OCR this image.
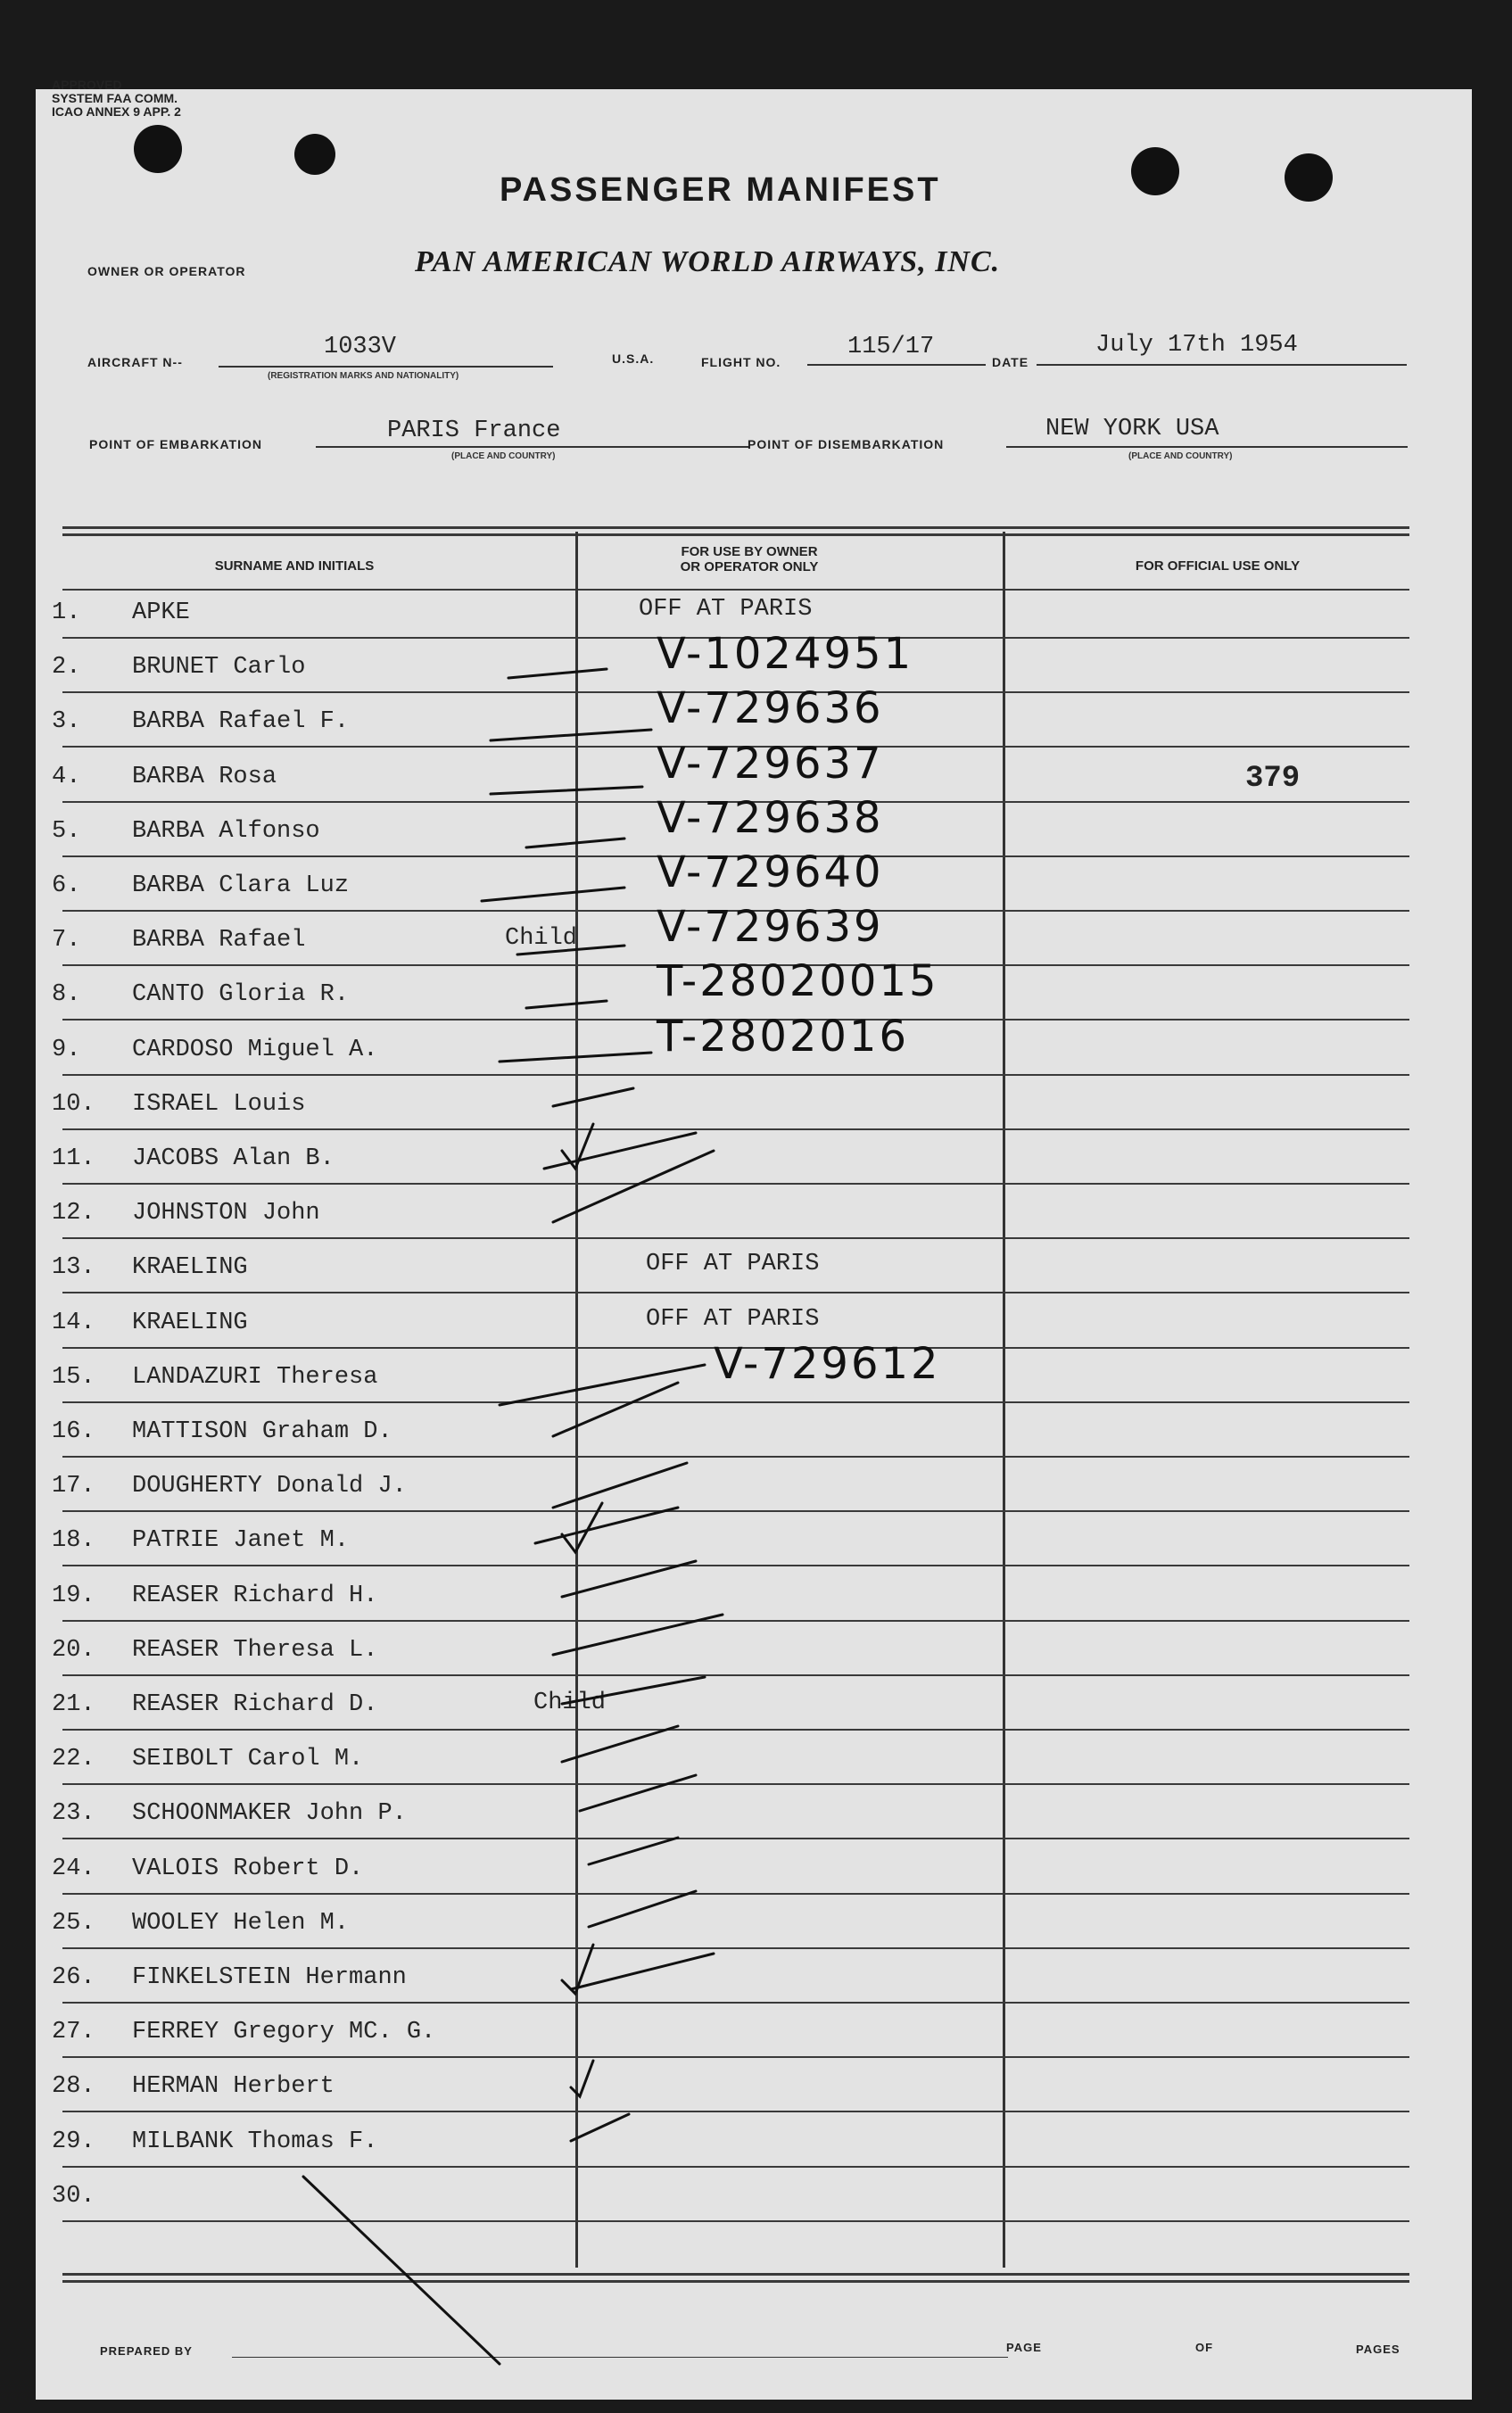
APPROVED
SYSTEM FAA COMM.
ICAO ANNEX 9 APP. 2
PASSENGER MANIFEST
OWNER OR OPERATOR	PAN AMERICAN WORLD AIRWAYS, INC.
AIRCRAFT N--
1033V
(REGISTRATION MARKS AND NATIONALITY)
U.S.A.	FLIGHT NO.
115/17
DATE
July 17th 1954
POINT OF EMBARKATION	PARIS France
(PLACE AND COUNTRY)
POINT OF DISEMBARKATION
NEW YORK USA
(PLACE AND COUNTRY)
SURNAME AND INITIALS
FOR USE BY OWNER
OR OPERATOR ONLY	FOR OFFICIAL USE ONLY
1. APKE	OFF AT PARIS
2. BRUNET Carlo	V-1024951
3. BARBA Rafael F.	V-729636
4. BARBA Rosa	V-729637	379
5. BARBA Alfonso	V-729638
6. BARBA Clara Luz	V-729640
7. BARBA Rafael	Child V-729639
8. CANTO Gloria R.	T-28020015
9. CARDOSO Miguel A.	T-2802016
10. ISRAEL Louis
11. JACOBS Alan B.
12. JOHNSTON John
13. KRAELING	OFF AT PARIS
14. KRAELING	OFF AT PARIS
15. LANDAZURI Theresa	V-729612
16. MATTISON Graham D.
17. DOUGHERTY Donald J.
18. PATRIE Janet M.
19. REASER Richard H.
20. REASER Theresa L.
21. REASER Richard D.	Child
22. SEIBOLT Carol M.
23. SCHOONMAKER John P.
24. VALOIS Robert D.
25. WOOLEY Helen M.
26. FINKELSTEIN Hermann
27. FERREY Gregory MC. G.
28. HERMAN Herbert
29. MILBANK Thomas F.
30.
PREPARED BY	PAGE	OF	PAGES
